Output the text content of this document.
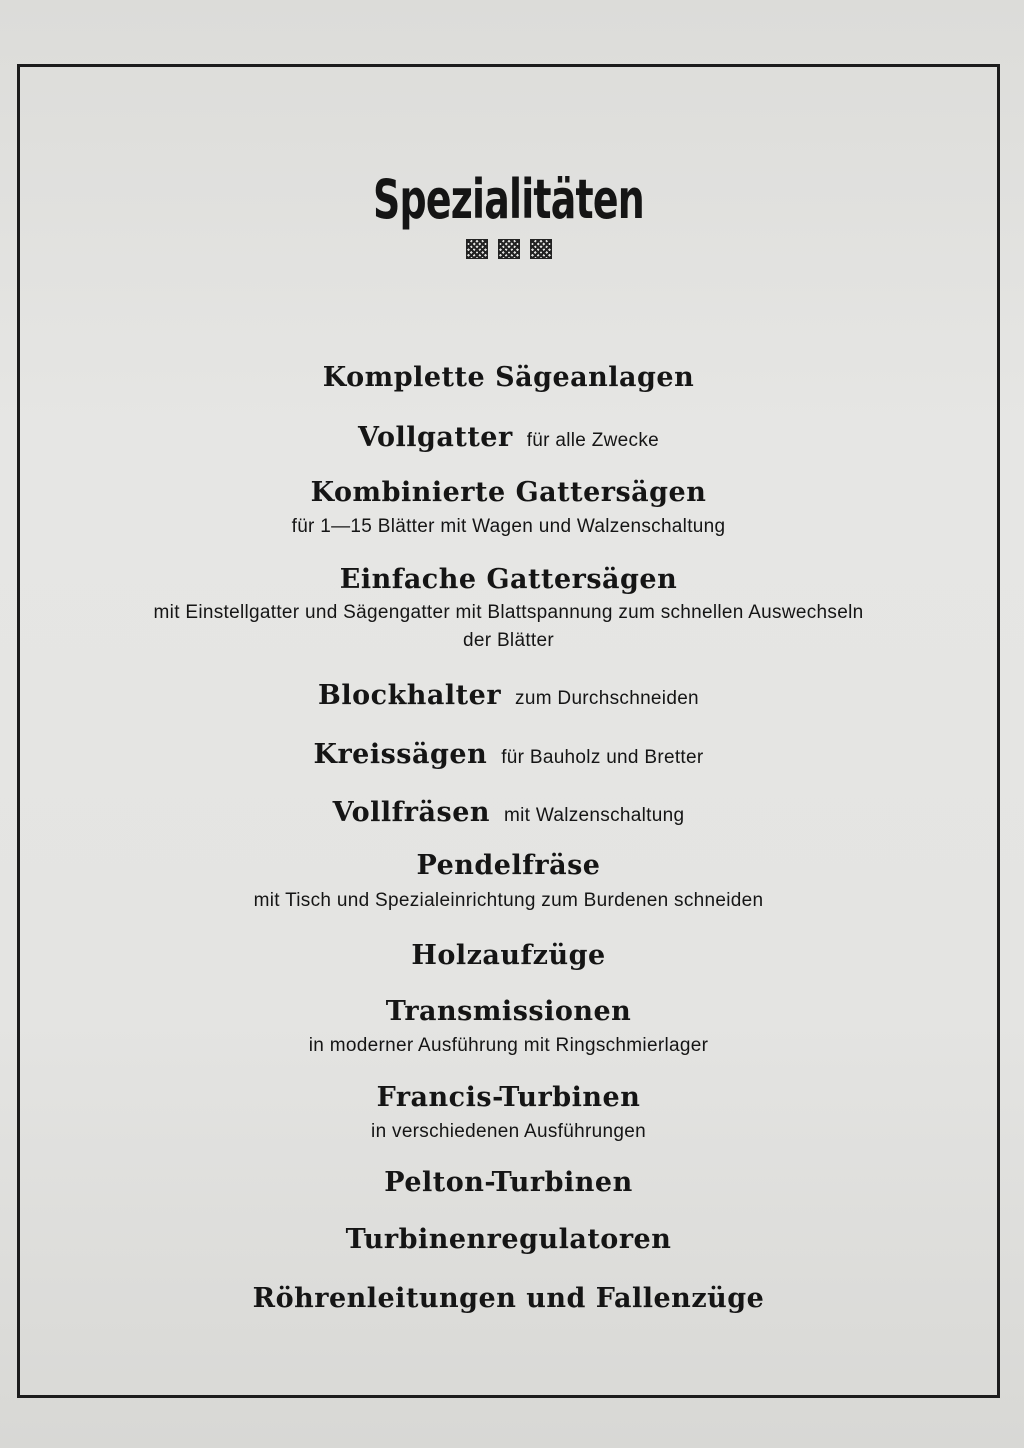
Spezialitäten
Komplette Sägeanlagen
Vollgatter für alle Zwecke
Kombinierte Gattersägen
für 1—15 Blätter mit Wagen und Walzenschaltung
Einfache Gattersägen
mit Einstellgatter und Sägengatter mit Blattspannung zum schnellen Auswechseln
der Blätter
Blockhalter zum Durchschneiden
Kreissägen für Bauholz und Bretter
Vollfräsen mit Walzenschaltung
Pendelfräse
mit Tisch und Spezialeinrichtung zum Burdenen schneiden
Holzaufzüge
Transmissionen
in moderner Ausführung mit Ringschmierlager
Francis-Turbinen
in verschiedenen Ausführungen
Pelton-Turbinen
Turbinenregulatoren
Röhrenleitungen und Fallenzüge
